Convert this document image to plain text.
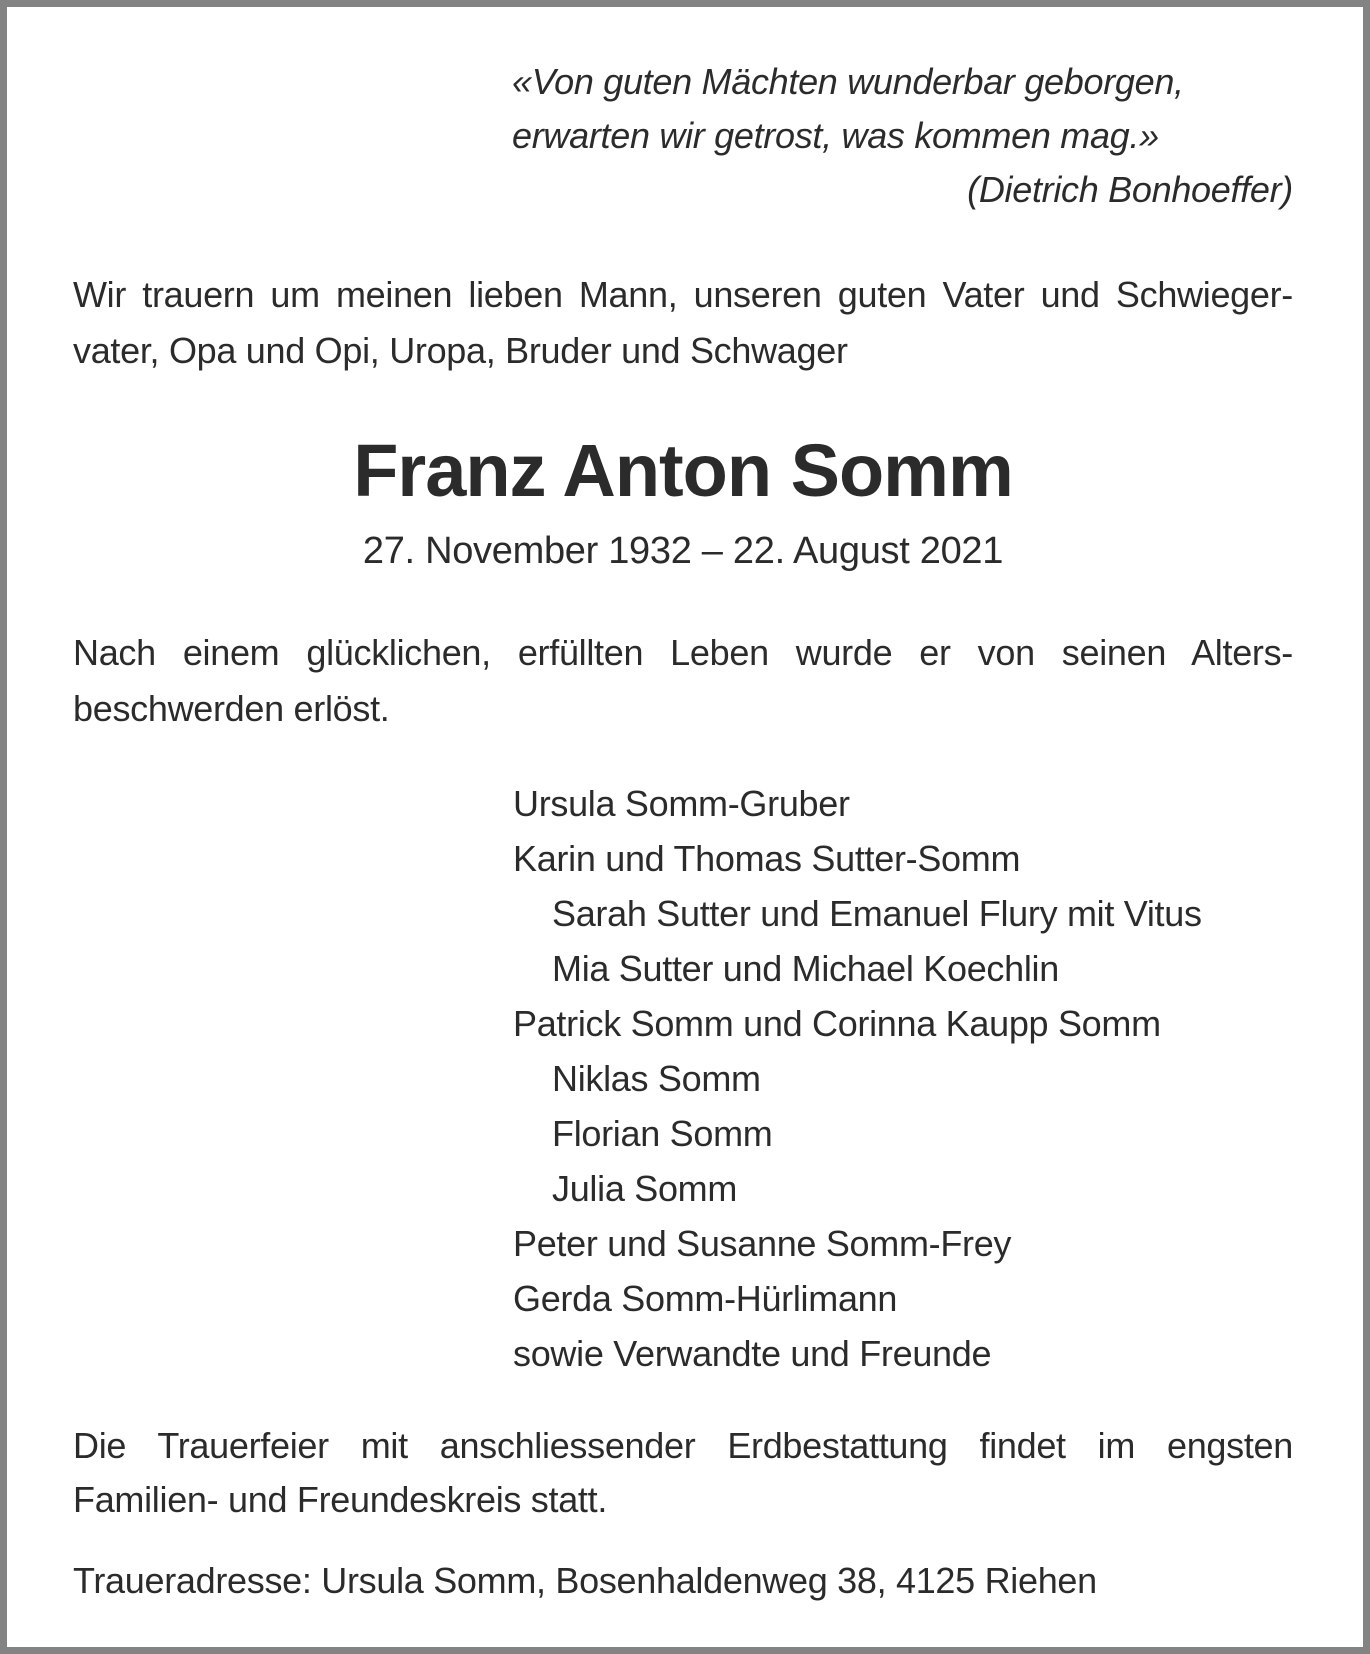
«Von guten Mächten wunderbar geborgen,
erwarten wir getrost, was kommen mag.»
(Dietrich Bonhoeffer)
Wir trauern um meinen lieben Mann, unseren guten Vater und Schwieger-
vater, Opa und Opi, Uropa, Bruder und Schwager
Franz Anton Somm
27. November 1932 – 22. August 2021
Nach einem glücklichen, erfüllten Leben wurde er von seinen Alters-
beschwerden erlöst.
Ursula Somm-Gruber
Karin und Thomas Sutter-Somm
Sarah Sutter und Emanuel Flury mit Vitus
Mia Sutter und Michael Koechlin
Patrick Somm und Corinna Kaupp Somm
Niklas Somm
Florian Somm
Julia Somm
Peter und Susanne Somm-Frey
Gerda Somm-Hürlimann
sowie Verwandte und Freunde
Die Trauerfeier mit anschliessender Erdbestattung findet im engsten
Familien- und Freundeskreis statt.
Traueradresse: Ursula Somm, Bosenhaldenweg 38, 4125 Riehen
